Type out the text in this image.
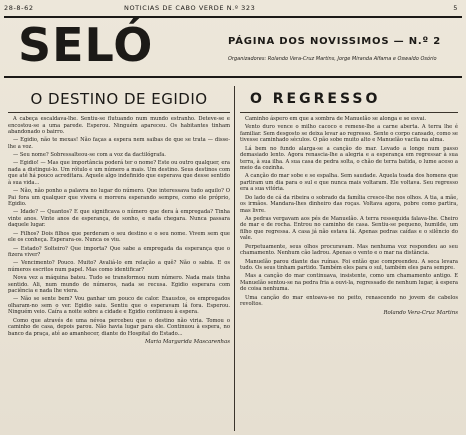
28-8-62	NOTICIAS DE CABO VERDE N.º 323	5
SELÓ	PÁGINA DOS NOVISSIMOS — N.º 2
Organizadores: Rolando Vera-Cruz Martins, Jorge Miranda Alfama e Oswaldo Osório
O DESTINO DE EGIDIO

A cabeça escaldava-lhe. Sentiu-se flutuando num mundo estranho. Deteve-se e encostou-se a uma parede. Esperou. Ninguém apareceu. Os habitantes tinham abandonado o bairro.

— Egidio, não te mexas! Não faças a espera nem saibas de que se trata — disse-lhe a voz.

— Seu nome? Sobressalteou-se com a voz da dactilógrafa.

— Egidio! — Mas que importância poderá ter o nome? Este ou outro qualquer, era nada a distingui-lo. Um rótulo e um número a mais. Um destino. Seus destinos com que até há pouco acreditara. Aquele algo indefinido que esperava que desse sentido à sua vida...

— Não, não ponho a palavra no lugar do número. Que interessava tudo aquilo? O Pai fora um qualquer que vivera e morrera esperando sempre, como ele próprio, Egidio.

— Idade? — Quantos? E que significava o número que dera à empregada? Tinha vinte anos. Vinte anos de esperança, de sonho, e nada chegara. Nunca passara daquele lugar.

— Filhos? Dois filhos que perderam o seu destino e o seu nome. Vivem sem que ele os conheça. Esperara-os. Nunca os viu.

— Estado? Solteiro? Que importa? Que sabe a empregada da esperança que o fizera viver?

— Vencimento? Pouco. Muito? Avaliá-lo em relação a quê? Não o sabia. E os números escritos num papel. Mas como identificar?

Nova vez a máquina bateu. Tudo se transformou num número. Nada mais tinha sentido. Ali, num mundo de números, nada se recusa. Egidio esperara com paciência e nada lhe viera.

— Não se sente bem? Vou ganhar um pouco de calor. Exaustos, os empregados olharam-no sem o ver. Egidio saiu. Sentiu que o esperavam lá fora. Esperou. Ninguém veio. Caíra a noite sobre a cidade e Egidio continuou à espera.

Como que através de uma névoa percebeu que o destino não viria. Tomou o caminho de casa, depois parou. Não havia lugar para ele. Continuou à espera, no banco da praça, até ao amanhecer, diante do Hospital do Estado...

Maria Margarida Mascarenhas
O REGRESSO

Caminho áspero em que a sombra de Manuelão se alonga e se esvai.

Vento duro vence o milho cacoco e remexe-lhe a carne aberta. A terra lhe é familiar. Sem desgosto se deixa levar ao regresso. Sente o corpo cansado, como se tivesse caminhado séculos. O pão sobe muito alto e Manuelão vacila na alma.

Lá bem no fundo alarga-se a canção do mar. Levado a longe num passo demasiado lento. Agora renascia-lhe a alegria e a esperança em regressar à sua terra, à sua ilha. A sua casa de pedra solta, o chão de terra batida, o lume aceso a meio da cozinha.

A canção do mar sobe e se espalha. Sem saudade. Aquela toada dos homens que partiram um dia para o sul e que nunca mais voltaram. Ele voltava. Seu regresso era a sua vitória.

Do lado de cá da ribeira o sobrado da família cresce-lhe nos olhos. A tia, a mãe, os irmãos. Mandara-lhes dinheiro das roças. Voltava agora, pobre como partira, mas livre.

As pedras vergavam aos pés de Manuelão. A terra ressequida falava-lhe. Cheiro de mar e de rocha. Entrou no caminho de casa. Sentiu-se pequeno, humilde, um filho que regressa. A casa já não estava lá. Apenas pedras caídas e o silêncio do vale.

Perpetuamente, seus olhos procuravam. Mas nenhuma voz respondeu ao seu chamamento. Nenhum cão ladrou. Apenas o vento e o mar na distância.

Manuelão parou diante das ruínas. Foi então que compreendeu. A seca levara tudo. Os seus tinham partido. Também eles para o sul, também eles para sempre.

Mas a canção do mar continuava, insistente, como um chamamento antigo. E Manuelão sentou-se na pedra fria a ouvi-la, regressado de nenhum lugar, à espera de coisa nenhuma.

Uma canção do mar entoava-se no peito, renascendo no jovem de cabelos revoltos.

Rolando Vera-Cruz Martins
